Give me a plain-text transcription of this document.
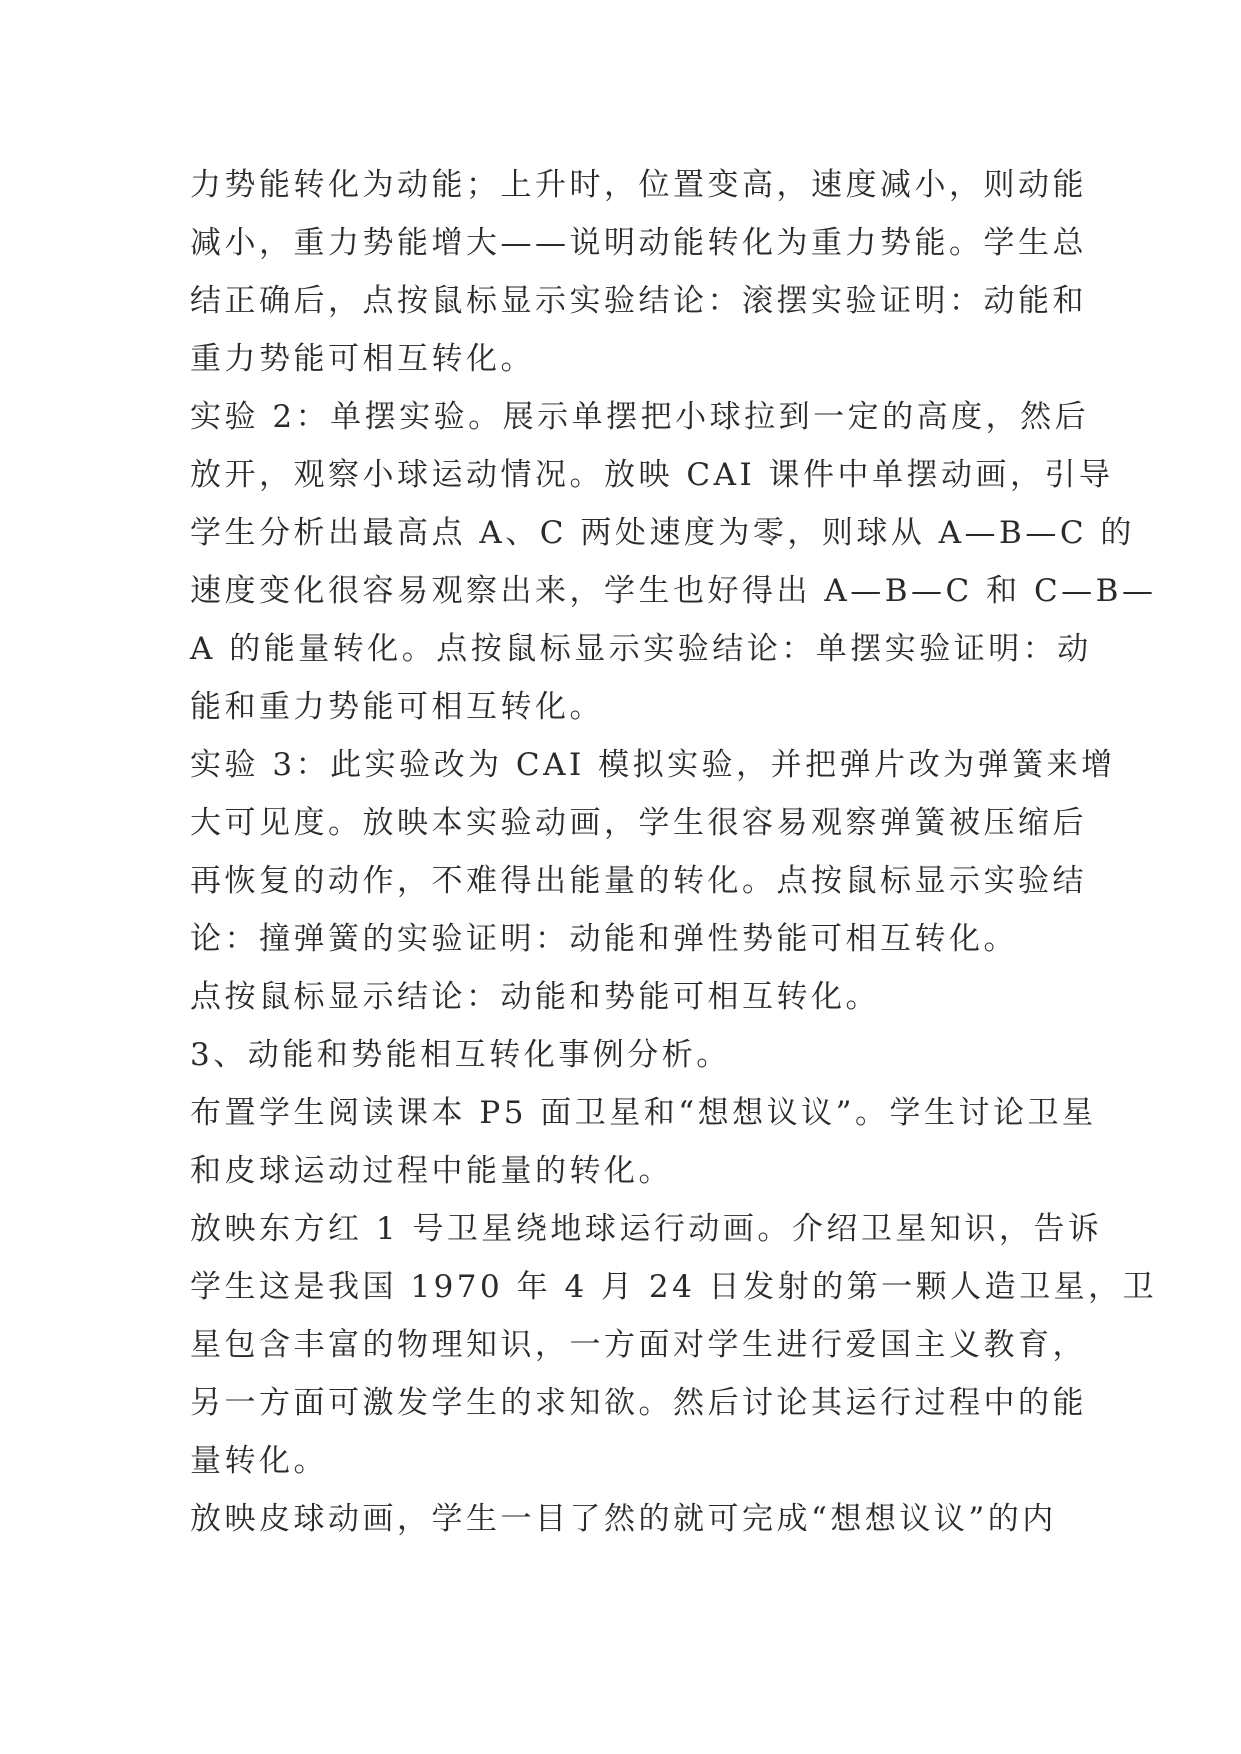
力势能转化为动能；上升时，位置变高，速度减小，则动能
减小，重力势能增大——说明动能转化为重力势能。学生总
结正确后，点按鼠标显示实验结论：滚摆实验证明：动能和
重力势能可相互转化。
实验 2：单摆实验。展示单摆把小球拉到一定的高度，然后
放开，观察小球运动情况。放映 CAI 课件中单摆动画，引导
学生分析出最高点 A、C 两处速度为零，则球从 A—B—C 的
速度变化很容易观察出来，学生也好得出 A—B—C 和 C—B—
A 的能量转化。点按鼠标显示实验结论：单摆实验证明：动
能和重力势能可相互转化。
实验 3：此实验改为 CAI 模拟实验，并把弹片改为弹簧来增
大可见度。放映本实验动画，学生很容易观察弹簧被压缩后
再恢复的动作，不难得出能量的转化。点按鼠标显示实验结
论：撞弹簧的实验证明：动能和弹性势能可相互转化。
点按鼠标显示结论：动能和势能可相互转化。
3、动能和势能相互转化事例分析。
布置学生阅读课本 P5 面卫星和“想想议议”。学生讨论卫星
和皮球运动过程中能量的转化。
放映东方红 1 号卫星绕地球运行动画。介绍卫星知识，告诉
学生这是我国 1970 年 4 月 24 日发射的第一颗人造卫星，卫
星包含丰富的物理知识，一方面对学生进行爱国主义教育，
另一方面可激发学生的求知欲。然后讨论其运行过程中的能
量转化。
放映皮球动画，学生一目了然的就可完成“想想议议”的内
